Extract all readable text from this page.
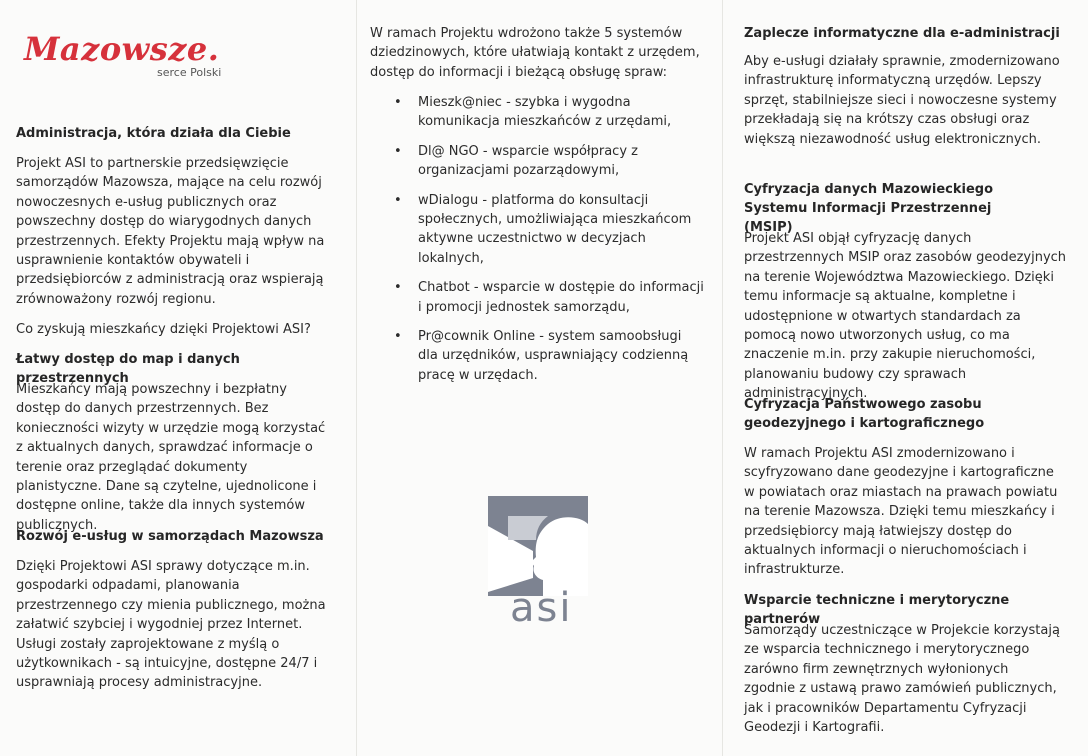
Mazowsze.
serce Polski
Administracja, która działa dla Ciebie

Projekt ASI to partnerskie przedsięwzięcie samorządów Mazowsza, mające na celu rozwój nowoczesnych e-usług publicznych oraz powszechny dostęp do wiarygodnych danych przestrzennych. Efekty Projektu mają wpływ na usprawnienie kontaktów obywateli i przedsiębiorców z administracją oraz wspierają zrównoważony rozwój regionu.

Co zyskują mieszkańcy dzięki Projektowi ASI?

Łatwy dostęp do map i danych przestrzennych

Mieszkańcy mają powszechny i bezpłatny dostęp do danych przestrzennych. Bez konieczności wizyty w urzędzie mogą korzystać z aktualnych danych, sprawdzać informacje o terenie oraz przeglądać dokumenty planistyczne. Dane są czytelne, ujednolicone i dostępne online, także dla innych systemów publicznych.

Rozwój e-usług w samorządach Mazowsza

Dzięki Projektowi ASI sprawy dotyczące m.in. gospodarki odpadami, planowania przestrzennego czy mienia publicznego, można załatwić szybciej i wygodniej przez Internet. Usługi zostały zaprojektowane z myślą o użytkownikach - są intuicyjne, dostępne 24/7 i usprawniają procesy administracyjne.

W ramach Projektu wdrożono także 5 systemów dziedzinowych, które ułatwiają kontakt z urzędem, dostęp do informacji i bieżącą obsługę spraw:

• Mieszk@niec - szybka i wygodna komunikacja mieszkańców z urzędami,
• Dl@ NGO - wsparcie współpracy z organizacjami pozarządowymi,
• wDialogu - platforma do konsultacji społecznych, umożliwiająca mieszkańcom aktywne uczestnictwo w decyzjach lokalnych,
• Chatbot - wsparcie w dostępie do informacji i promocji jednostek samorządu,
• Pr@cownik Online - system samoobsługi dla urzędników, usprawniający codzienną pracę w urzędach.
asi
Zaplecze informatyczne dla e-administracji

Aby e-usługi działały sprawnie, zmodernizowano infrastrukturę informatyczną urzędów. Lepszy sprzęt, stabilniejsze sieci i nowoczesne systemy przekładają się na krótszy czas obsługi oraz większą niezawodność usług elektronicznych.

Cyfryzacja danych Mazowieckiego Systemu Informacji Przestrzennej (MSIP)

Projekt ASI objął cyfryzację danych przestrzennych MSIP oraz zasobów geodezyjnych na terenie Województwa Mazowieckiego. Dzięki temu informacje są aktualne, kompletne i udostępnione w otwartych standardach za pomocą nowo utworzonych usług, co ma znaczenie m.in. przy zakupie nieruchomości, planowaniu budowy czy sprawach administracyjnych.

Cyfryzacja Państwowego zasobu geodezyjnego i kartograficznego

W ramach Projektu ASI zmodernizowano i scyfryzowano dane geodezyjne i kartograficzne w powiatach oraz miastach na prawach powiatu na terenie Mazowsza. Dzięki temu mieszkańcy i przedsiębiorcy mają łatwiejszy dostęp do aktualnych informacji o nieruchomościach i infrastrukturze.

Wsparcie techniczne i merytoryczne partnerów

Samorządy uczestniczące w Projekcie korzystają ze wsparcia technicznego i merytorycznego zarówno firm zewnętrznych wyłonionych zgodnie z ustawą prawo zamówień publicznych, jak i pracowników Departamentu Cyfryzacji Geodezji i Kartografii.
